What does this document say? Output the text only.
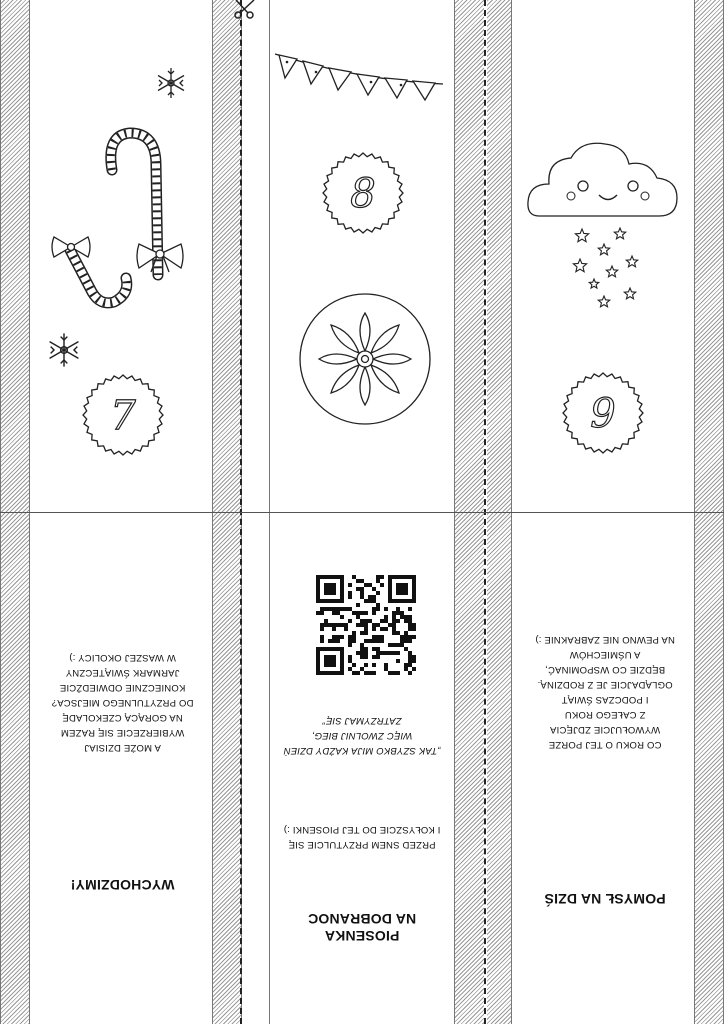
7
WYCHODZIMY!
A MOŻE DZISIAJ
WYBIERZECIE SIĘ RAZEM
NA GORĄCĄ CZEKOLADĘ
DO PRZYTULNEGO MIEJSCA?
KONIECZNIE ODWIEDŹCIE
JARMARK ŚWIĄTECZNY
W WASZEJ OKOLICY :)
8
„TAK SZYBKO MIJA KAŻDY DZIEŃ
WIĘC ZWOLNIJ BIEG,
ZATRZYMAJ SIĘ”
PRZED SNEM PRZYTULCIE SIĘ
I KOŁYSZCIE DO TEJ PIOSENKI :)
PIOSENKA
NA DOBRANOC
9
POMYSŁ NA DZIŚ
CO ROKU O TEJ PORZE
WYWOŁUJCIE ZDJĘCIA
Z CAŁEGO ROKU
I PODCZAS ŚWIĄT
OGLĄDAJCIE JE Z RODZINĄ.
BĘDZIE CO WSPOMINAĆ,
A UŚMIECHÓW
NA PEWNO NIE ZABRAKNIE :)
